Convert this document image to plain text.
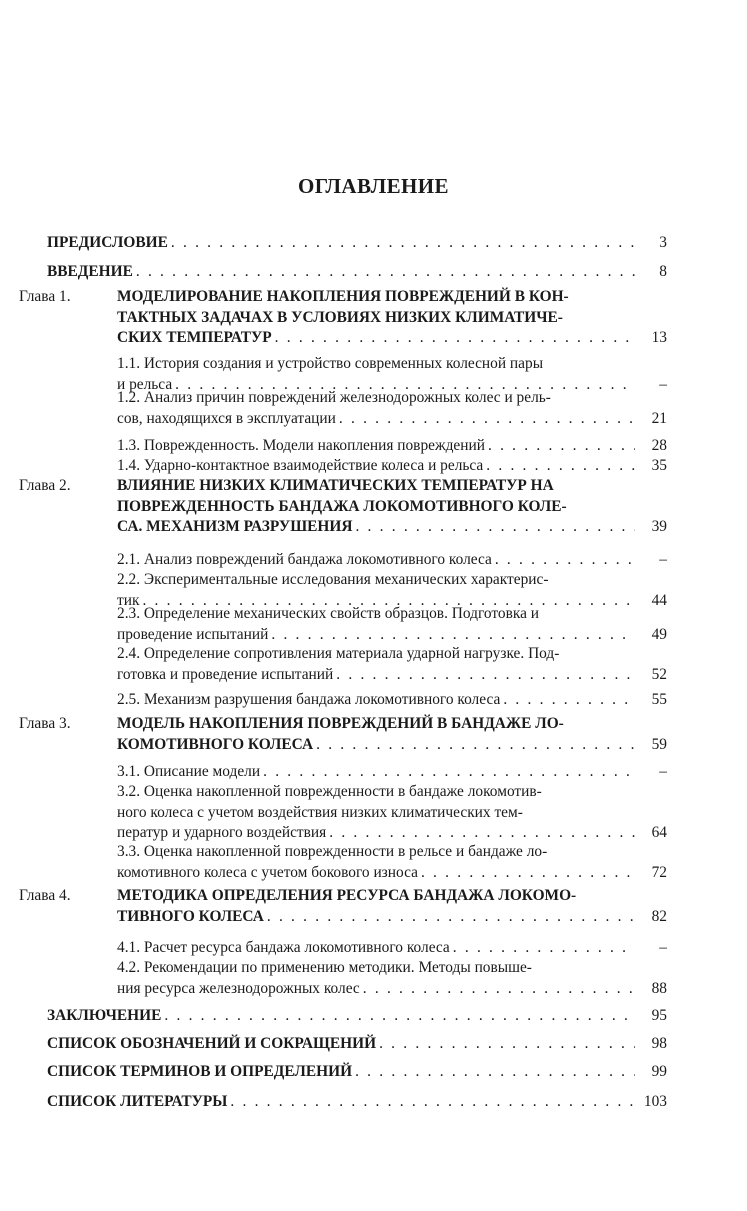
ОГЛАВЛЕНИЕ
ПРЕДИСЛОВИЕ . . .	3
ВВЕДЕНИЕ . . .	8
Глава 1.	МОДЕЛИРОВАНИЕ НАКОПЛЕНИЯ ПОВРЕЖДЕНИЙ В КОН-
ТАКТНЫХ ЗАДАЧАХ В УСЛОВИЯХ НИЗКИХ КЛИМАТИЧЕ-
СКИХ ТЕМПЕРАТУР . . .	13
1.1. История создания и устройство современных колесной пары
и рельса . . .	–
1.2. Анализ причин повреждений железнодорожных колес и рель-
сов, находящихся в эксплуатации . . .	21
1.3. Поврежденность. Модели накопления повреждений . . .	28
1.4. Ударно-контактное взаимодействие колеса и рельса . . .	35
Глава 2.	ВЛИЯНИЕ НИЗКИХ КЛИМАТИЧЕСКИХ ТЕМПЕРАТУР НА
ПОВРЕЖДЕННОСТЬ БАНДАЖА ЛОКОМОТИВНОГО КОЛЕ-
СА. МЕХАНИЗМ РАЗРУШЕНИЯ . . .	39
2.1. Анализ повреждений бандажа локомотивного колеса . . .	–
2.2. Экспериментальные исследования механических характерис-
тик . . .	44
2.3. Определение механических свойств образцов. Подготовка и
проведение испытаний . . .	49
2.4. Определение сопротивления материала ударной нагрузке. Под-
готовка и проведение испытаний . . .	52
2.5. Механизм разрушения бандажа локомотивного колеса . . .	55
Глава 3.	МОДЕЛЬ НАКОПЛЕНИЯ ПОВРЕЖДЕНИЙ В БАНДАЖЕ ЛО-
КОМОТИВНОГО КОЛЕСА . . .	59
3.1. Описание модели . . .	–
3.2. Оценка накопленной поврежденности в бандаже локомотив-
ного колеса с учетом воздействия низких климатических тем-
ператур и ударного воздействия . . .	64
3.3. Оценка накопленной поврежденности в рельсе и бандаже ло-
комотивного колеса с учетом бокового износа . . .	72
Глава 4.	МЕТОДИКА ОПРЕДЕЛЕНИЯ РЕСУРСА БАНДАЖА ЛОКОМО-
ТИВНОГО КОЛЕСА . . .	82
4.1. Расчет ресурса бандажа локомотивного колеса . . .	–
4.2. Рекомендации по применению методики. Методы повыше-
ния ресурса железнодорожных колес . . .	88
ЗАКЛЮЧЕНИЕ . . .	95
СПИСОК ОБОЗНАЧЕНИЙ И СОКРАЩЕНИЙ . . .	98
СПИСОК ТЕРМИНОВ И ОПРЕДЕЛЕНИЙ . . .	99
СПИСОК ЛИТЕРАТУРЫ . . .	103
